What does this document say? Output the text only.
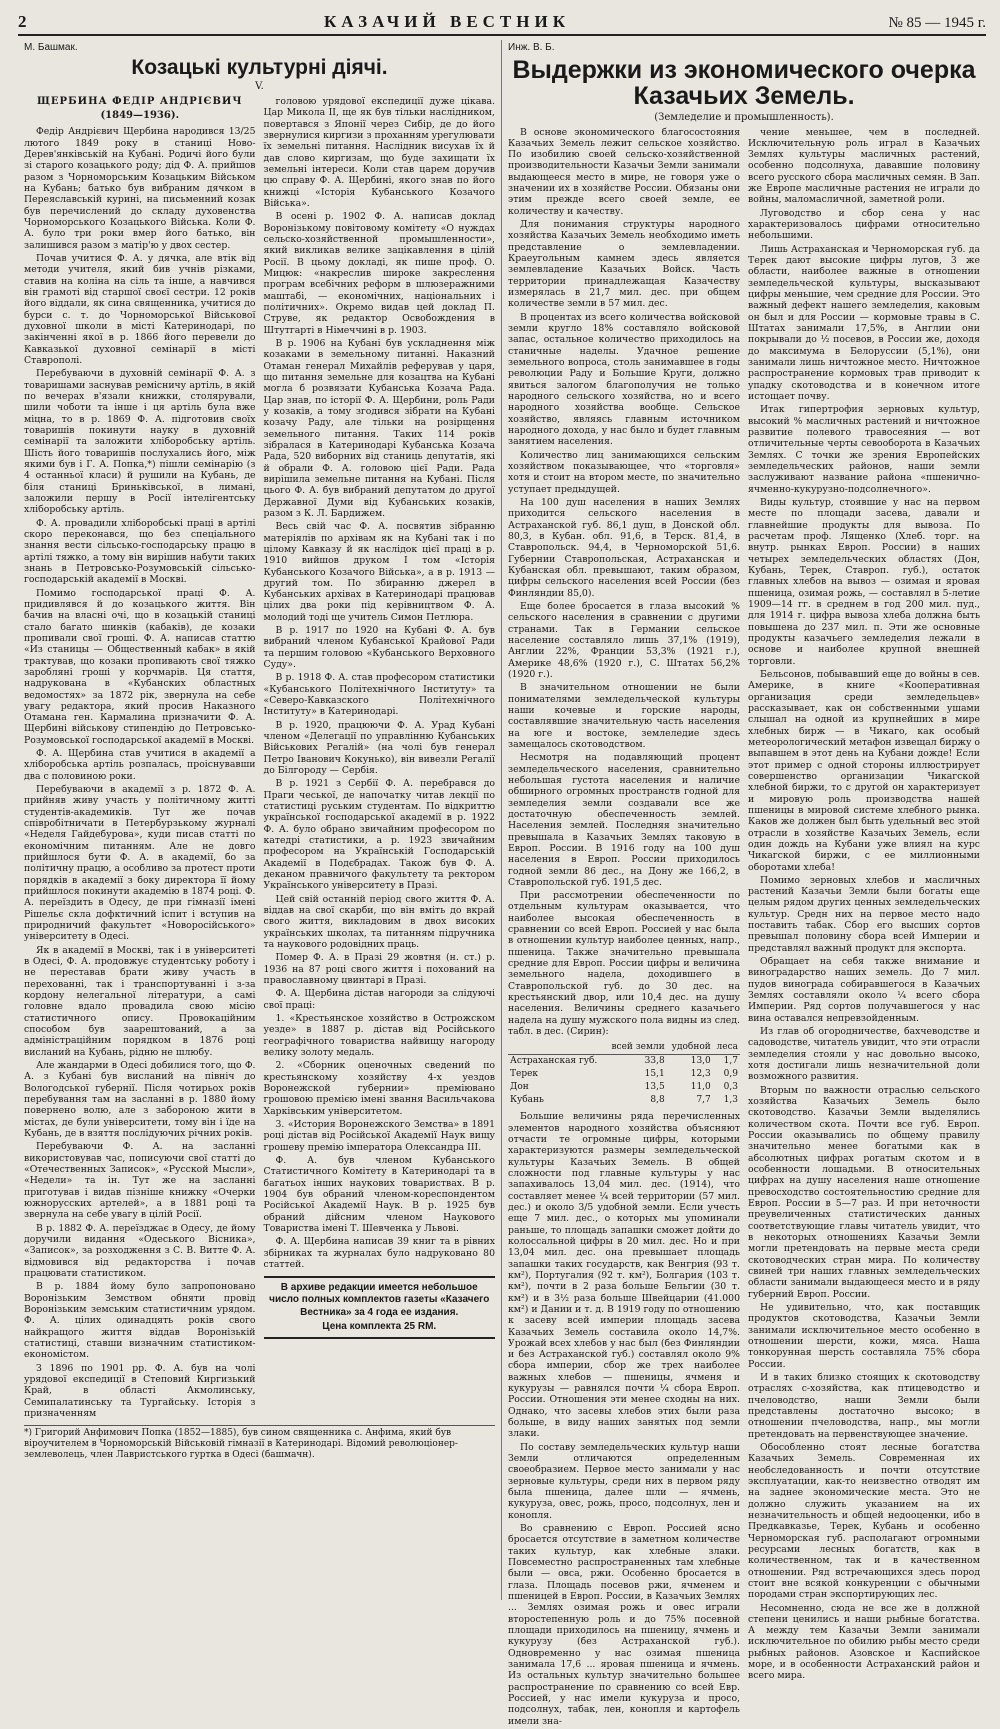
2	КАЗАЧИЙ ВЕСТНИК	№ 85 — 1945 г.
М. Башмак.
Козацькі культурні діячі.
V.

ЩЕРБИНА ФЕДІР АНДРІЄВИЧ

(1849—1936).

Федір Андрієвич Щербина народився 13/25 лютого 1849 року в станиці Ново-Дерев'янківській на Кубані. Родичі його були зі старого козацького роду; дід Ф. А. прийшов разом з Чорноморським Козацьким Військом на Кубань; батько був вибраним дячком в Переяславській курині, на письменний козак був перечислений до складу духовенства Чорноморського Козацького Війська. Коли Ф. А. було три роки вмер його батько, він залишився разом з матір'ю у двох сестер.

Почав учитися Ф. А. у дячка, але втік від методи учителя, який бив учнів різками, ставив на коліна на сіль та інше, а навчився він грамоті від старшої своєї сестри. 12 років його віддали, як сина священника, учитися до бурси с. т. до Чорноморської Військової духовної школи в місті Катеринодарі, по закінченні якої в р. 1866 його перевели до Кавказької духовної семінарії в місті Ставрополі.

Перебуваючи в духовній семінарії Ф. А. з товаришами заснував ремісничу артіль, в якій по вечерах в'язали книжки, столярували, шили чоботи та інше і ця артіль була вже міцна, то в р. 1869 Ф. А. підготовив своїх товаришів покинути науку в духовній семінарії та заложити хліборобську артіль. Шість його товаришів послухались його, між якими був і Г. А. Попка,*) пішли семінарію (з 4 останньої класи) й рушили на Кубань, де біля станиці Бриньківської, в лимані, заложили першу в Росії інтелігентську хліборобську артіль.

Ф. А. провадили хліборобські праці в артілі скоро переконався, що без спеціального знання вести сільсько-господарську працю в артілі тяжко, а тому він вирішив набути таких знань в Петровсько-Розумовській сільсько-господарській академії в Москві.

Помимо господарської праці Ф. А. придивлявся й до козацького життя. Він бачив на власні очі, що в козацькій станиці стало багато шинків (кабаків), де козаки пропивали свої гроші. Ф. А. написав статтю «Из станицы — Общественный кабак» в якій трактував, що козаки пропивають свої тяжко заробляні гроші у корчмарів. Ця стаття, надрукована в «Кубанских областных ведомостях» за 1872 рік, звернула на себе увагу редактора, який просив Наказного Отамана ген. Кармалина призначити Ф. А. Щербині військову стипендію до Петровсько-Розумовської господарської академії в Москві.

Ф. А. Щербина став учитися в академії а хліборобська артіль розпалась, проіснувавши два с половиною роки.

Перебуваючи в академії з р. 1872 Ф. А. прийняв живу участь у політичному житті студентів-академиків. Тут же почав співробітничати в Петербурзькому журналі «Неделя Гайдебурова», куди писав статті по економічним питанням. Але не довго прийшлося бути Ф. А. в академії, бо за політичну працю, а особливо за протест проти порядків в академії з боку директора її йому прийшлося покинути академію в 1874 році. Ф. А. переїздить в Одесу, де при гімназії імені Рішельє скла дофктичний іспит і вступив на природничий факультет «Новоросійського» університету в Одесі.

Як в академії в Москві, так і в університеті в Одесі, Ф. А. продовжує студентську роботу і не переставав брати живу участь в перехованні, так і транспортуванні і з-за кордону нелегальної літератури, а самі головне вдало провадила свою місію статистичного опису. Провокаційним способом був заарештований, а за адміністраційним порядком в 1876 році висланий на Кубань, рідню не шлюбу.

Але жандарми в Одесі добилися того, що Ф. А. з Кубані був висланий на північ до Вологодської губернії. Після чотирьох років перебування там на засланні в р. 1880 йому повернено волю, але з забороною жити в містах, де були університети, тому він і їде на Кубань, де в взяття послідуючих річних років.

Перебуваючи Ф. А. на засланні використовував час, пописуючи свої статті до «Отечественных Записок», «Русской Мысли», «Недели» та ін. Тут же на засланні приготував і видав пізніше книжку «Очерки южнорусских артелей», а в 1881 році та звернула на себе увагу в цілій Росії.

В р. 1882 Ф. А. переїзджає в Одесу, де йому доручили видання «Одеського Вісника», «Записок», за розходження з С. В. Витте Ф. А. відмовився від редакторства і почав працювати статистиком.

В р. 1884 йому було запропоновано Воронізьким Земством обняти провід Воронізьким земським статистичним урядом. Ф. А. цілих одинадцять років свого найкращого життя віддав Воронізькій статистиці, ставши визначним статистиком-економістом.

З 1896 по 1901 рр. Ф. А. був на чолі урядової експедиції в Степовий Киргизький Край, в області Акмолинську, Семипалатинську та Тургайську. Історія з призначенням

головою урядової експедиції дуже цікава. Цар Микола II, ще як був тільки наслідником, повертався з Японії через Сибір, де до його звернулися киргизи з проханням урегулювати їх земельні питання. Наслідник висухав їх й дав слово киргизам, що буде захищати їх земельні інтереси. Коли став царем доручив цю справу Ф. А. Щербині, якого знав по його книжці «Історія Кубанського Козачого Війська».

В осені р. 1902 Ф. А. написав доклад Воронізькому повітовому комітету «О нуждах сельско-хозяйственной промышленности», який викликав велике зацікавлення в цілій Росії. В цьому докладі, як пише проф. О. Мицюк: «накреслив широке закреслення програм всебічних реформ в шлюзеражними маштабі, — економічних, національних і політичних». Окремо видав цей доклад П. Струве, як редактор Освобождения в Штутгарті в Німеччині в р. 1903.

В р. 1906 на Кубані був ускладнення між козаками в земельному питанні. Наказний Отаман генерал Михайлів реферував у царя, що питання земельне для козацтва на Кубані могла б розвязати Кубанська Козача Рада. Цар знав, по історії Ф. А. Щербини, роль Ради у козаків, а тому згодився зібрати на Кубані козачу Раду, але тільки на розірщення земельного питання. Таких 114 років зібралася в Катеринодарі Кубанська Козача Рада, 520 виборних від станиць депутатів, які й обрали Ф. А. головою цієї Ради. Рада вирішила земельне питання на Кубані. Після цього Ф. А. був вибраний депутатом до другої Державної Думи від Кубанських козаків, разом з К. Л. Бардижем.

Весь свій час Ф. А. посвятив зібранню матеріялів по архівам як на Кубані так і по цілому Кавказу й як наслідок цієї праці в р. 1910 вийшов друком І том «Історія Кубанського Козачого Війська», а в р. 1913 — другий том. По збиранню джерел в Кубанських архівах в Катеринодарі працював цілих два роки під керівництвом Ф. А. молодий тоді ще учитель Симон Петлюра.

В р. 1917 по 1920 на Кубані Ф. А. був вибраний членом Кубанської Крайової Ради та першим головою «Кубанського Верховного Суду».

В р. 1918 Ф. А. став професором статистики «Кубанського Політехнічного Інституту» та «Северо-Кавказского Політехнічного Інституту» в Катеринодарі.

В р. 1920, працюючи Ф. А. Урад Кубані членом «Делегації по управлінню Кубанських Військових Регалій» (на чолі був генерал Петро Іванович Кокунько), він вивезли Регалії до Білгороду — Сербія.

В р. 1921 з Сербії Ф. А. перебрався до Праги чеської, де напочатку читав лекції по статистиці руським студентам. По відкриттю української господарської академії в р. 1922 Ф. А. було обрано звичайним професором по катедрі статистики, а р. 1923 звичайним професором на Українській Господарській Академії в Подєбрадах. Також був Ф. А. деканом правничого факультету та ректором Українського університету в Празі.

Цей свій останній період свого життя Ф. А. віддав на свої скарби, що він вміть до вкрай свого життя, викладовим в двох високих українських школах, та питанням підручника та наукового родовідних праць.

Помер Ф. А. в Празі 29 жовтня (н. ст.) р. 1936 на 87 році свого життя і похований на православному цвинтарі в Празі.

Ф. А. Щербина дістав нагороди за слідуючі свої праці:

1. «Крестьянское хозяйство в Острожском уезде» в 1887 р. дістав від Російського географічного товариства найвищу нагороду велику золоту медаль.

2. «Сборник оценочных сведений по крестьянскому хозяйству 4-х уездов Воронежской губернии» преміювано грошовою премією імені звання Васильчакова Харківським університетом.

3. «История Воронежского Земства» в 1891 році дістав від Російської Академії Наук вищу грошеву премію імператора Олександра III.

Ф. А. був членом Кубанського Статистичного Комітету в Катеринодарі та в багатьох інших наукових товариствах. В р. 1904 був обраний членом-кореспондентом Російської Академії Наук. В р. 1925 був обраний дійсним членом Наукового Товариства імені Т. Шевченка у Львові.

Ф. А. Щербина написав 39 книг та в рівних збірниках та журналах було надруковано 80 статтей.

В архиве редакции имеется небольшое число полных комплектов газеты «Казачего Вестника» за 4 года ее издания.
Цена комплекта 25 RM.
*) Григорий Анфимович Попка (1852—1885), був сином священника с. Анфима, який був віроучителем в Чорноморській Військовій гімназії в Катеринодарі. Відомий революціонер-землеволець, член Лавристського гуртка в Одесі (башмачн).
Инж. В. Б.
Выдержки из экономического очерка Казачьих Земель.
(Земледелие и промышленность).

В основе экономического благосостояния Казачьих Земель лежит сельское хозяйство. По изобилию своей сельско-хозяйственной производительности Казачьи Земли занимали выдающееся место в мире, не говоря уже о значении их в хозяйстве России. Обязаны они этим прежде всего своей земле, ее количеству и качеству.

Для понимания структуры народного хозяйства Казачьих Земель необходимо иметь представление о землевладении. Краеугольным камнем здесь является землевладение Казачьих Войск. Часть территории принадлежащая Казачеству измерялась в 21,7 мил. дес. при общем количестве земли в 57 мил. дес.

В процентах из всего количества войсковой земли кругло 18% составляло войсковой запас, остальное количество приходилось на станичные наделы. Удачное решение земельного вопроса, столь занимавшее в годы революции Раду и Большие Круги, должно явиться залогом благополучия не только народного сельского хозяйства, но и всего народного хозяйства вообще. Сельское хозяйство, являясь главным источником народного дохода, у нас было и будет главным занятием населения.

Количество лиц занимающихся сельским хозяйством показывающее, что «торговля» хотя и стоит на втором месте, по значительно уступает предыдущей.

На 100 душ населения в наших Землях приходится сельского населения в Астраханской губ. 86,1 душ, в Донской обл. 80,3, в Кубан. обл. 91,6, в Терск. 81,4, в Ставропольск. 94,4, в Черноморской 51,6. Губернии Ставропольская, Астраханская и Кубанская обл. превышают, таким образом, цифры сельского населения всей России (без Финляндии 85,0).

Еще более бросается в глаза высокий % сельского населения в сравнении с другими странами. Так в Германии сельское население составляло лишь 37,1% (1919), Англии 22%, Франции 53,3% (1921 г.), Америке 48,6% (1920 г.), С. Штатах 56,2% (1920 г.).

В значительном отношении не были понимателями земледельческой культуры наши кочевые и горские народы, составлявшие значительную часть населения на юге и востоке, землеледие здесь замещалось скотоводством.

Несмотря на подавляющий процент земледельческого населения, сравнительно небольшая густота населения и наличие обширного огромных пространств годной для земледелия земли создавали все же достаточную обеспеченность землей. Населения землей. Последняя значительно превышала в Казачьих Землях таковую в Европ. России. В 1916 году на 100 душ населения в Европ. России приходилось годной земли 86 дес., на Дону же 166,2, в Ставропольской губ. 191,5 дес.

При рассмотрении обеспеченности по отдельным культурам оказывается, что наиболее высокая обеспеченность в сравнении со всей Европ. Россией у нас была в отношении культур наиболее ценных, напр., пшеница. Также значительно превышала средние для Европ. России цифры и величина земельного надела, доходившего в Ставропольской губ. до 30 дес. на крестьянский двор, или 10,4 дес. на душу населения. Величины среднего казачьего надела на душу мужского пола видны из след. табл. в дес. (Сирин):

	всей земли	удобной	леса
Астраханская губ.	33,8	13,0	1,7
Терек	15,1	12,3	0,9
Дон	13,5	11,0	0,3
Кубань	8,8	7,7	1,3

Большие величины ряда перечисленных элементов народного хозяйства объясняют отчасти те огромные цифры, которыми характеризуются размеры земледельческой культуры Казачьих Земель. В общей сложности под главные культуры у нас запахивалось 13,04 мил. дес. (1914), что составляет менее ¼ всей территории (57 мил. дес.) и около 3/5 удобной земли. Если учесть еще 7 мил. дес., о которых мы упоминали раньше, то площадь запашки сможет дойти до колоссальной цифры в 20 мил. дес. Но и при 13,04 мил. дес. она превышает площадь запашки таких государств, как Венгрия (93 т. км²), Португалия (92 т. км²), Болгария (103 т. км²), почти в 2 раза больше Бельгии (30 т. км²) и в 3½ раза больше Швейцарии (41.000 км²) и Дании и т. д. В 1919 году по отношению к засеву всей империи площадь засева Казачьих Земель составила около 14,7%. Урожай всех хлебов у нас был (без Финляндии и без Астраханской губ.) составлял около 9% сбора империи, сбор же трех наиболее важных хлебов — пшеницы, ячменя и кукурузы — равнялся почти ¼ сбора Европ. России. Отношения эти менее сходны на них. Однако, что засевы хлебов этих были раза больше, в виду наших занятых под земли злаки.

По составу земледельческих культур наши Земли отличаются определенным своеобразием. Первое место занимали у нас зерновые культуры, среди них в первом ряду была пшеница, далее шли — ячмень, кукуруза, овес, рожь, просо, подсолнух, лен и конопля.

Во сравнению с Европ. Россией ясно бросается отсутствие в заметном количестве таких культур, как хлебные злаки. Повсеместно распространенных там хлебные были — овса, ржи. Особенно бросается в глаза. Площадь посевов ржи, ячменем и пшеницей в Европ. России, в Казачьих Землях ... Землях озимая рожь и овес играли второстепенную роль и до 75% посевной площади приходилось на пшеницу, ячмень и кукурузу (без Астраханской губ.). Одновременно у нас озимая пшеница занимала 17,6 ... яровая пшеница и ячмень. Из остальных культур значительно большее распространение по сравнению со всей Евр. Россией, у нас имели кукуруза и просо, подсолнух, табак, лен, конопля и картофель имели зна-

чение меньшее, чем в последней. Исключительную роль играл в Казачьих Землях культуры масличных растений, особенно подсолнуха, дававшие половину всего русского сбора масличных семян. В Зап. же Европе масличные растения не играли до войны, маломасличной, заметной роли.

Луговодство и сбор сена у нас характеризовалось цифрами относительно небольшими.

Лишь Астраханская и Черноморская губ. да Терек дают высокие цифры лугов, 3 же области, наиболее важные в отношении земледельческой культуры, высказывают цифры меньшие, чем средние для России. Это важный дефект нашего земледелия, каковым он был и для России — кормовые травы в С. Штатах занимали 17,5%, в Англии они покрывали до ½ посевов, в России же, доходя до максимума в Белоруссии (5,1%), они занимали лишь ничтожное место. Ничтожное распространение кормовых трав приводит к упадку скотоводства и в конечном итоге истощает почву.

Итак гипертрофия зерновых культур, высокий % масличных растений и ничтожное развитие полевого травосеяния — вот отличительные черты севооборота в Казачьих Землях. С точки же зрения Европейских земледельческих районов, наши земли заслуживают название района «пшенично-ячменно-кукурузно-подсолнечного».

Виды культур, стоявшие у нас на первом месте по площади засева, давали и главнейшие продукты для вывоза. По расчетам проф. Лященко (Хлеб. торг. на внутр. рынках Европ. России) в наших четырех земледельческих областях (Дон, Кубань, Терек, Ставроп. губ.), остаток главных хлебов на вывоз — озимая и яровая пшеница, озимая рожь, — составлял в 5-летие 1909—14 гг. в среднем в год 200 мил. пуд., для 1914 г. цифра вывоза хлеба должна быть повышена до 237 мил. п. Эти же основные продукты казачьего земледелия лежали в основе и наиболее крупной внешней торговли.

Бельсонов, побывавший еще до войны в сев. Америке, в книге «Кооперативная организация среди земледельцев» рассказывает, как он собственными ушами слышал на одной из крупнейших в мире хлебных бирж — в Чикаго, как особый метеорологический метафон извещал биржу о выпавшем в этот день на Кубани дожде! Если этот пример с одной стороны иллюстрирует совершенство организации Чикагской хлебной биржи, то с другой он характеризует и мировую роль производства нашей пшеницы в мировой системе хлебного рынка. Каков же должен был быть удельный вес этой отрасли в хозяйстве Казачьих Земель, если один дождь на Кубани уже влиял на курс Чикагской биржи, с ее миллионными оборотами хлеба!

Помимо зерновых хлебов и масличных растений Казачьи Земли были богаты еще целым рядом других ценных земледельческих культур. Средн них на первое место надо поставить табак. Сбор его высших сортов превышал половину сбора всей Империи и представлял важный продукт для экспорта.

Обращает на себя также внимание и виноградарство наших земель. До 7 мил. пудов винограда собиравшегося в Казачьих Землях составляли около ¼ всего сбора Империи. Ряд сортов получавшегося у нас вина оставался непревзойденным.

Из глав об огородничестве, бахчеводстве и садоводстве, читатель увидит, что эти отрасли земледелия стояли у нас довольно высоко, хотя достигали лишь незначительной доли возможного развития.

Вторым по важности отраслью сельского хозяйства Казачьих Земель было скотоводство. Казачьи Земли выделялись количеством скота. Почти все губ. Европ. России оказывались по общему правилу значительно менее богатыми как в абсолютных цифрах рогатым скотом и в особенности лошадьми. В относительных цифрах на душу населения наше отношение превосходство состоятельностию средние для Европ. России в 5—7 раз. И при неточности преувеличенных статистических данных соответствующие главы читатель увидит, что в некоторых отношениях Казачьи Земли могли претендовать на первые места среди скотоводческих стран мира. По количеству свиней три наших главных земледельческих области занимали выдающееся место и в ряду губерний Европ. России.

Не удивительно, что, как поставщик продуктов скотоводства, Казачьи Земли занимали исключительное место особенно в отношении шерсти, кожи, мяса. Наша тонкорунная шерсть составляла 75% сбора России.

И в таких близко стоящих к скотоводству отраслях с-хозяйства, как птицеводство и пчеловодство, наши Земли были представлены достаточно высоко; в отношении пчеловодства, напр., мы могли претендовать на первенствующее значение.

Обособленно стоят лесные богатства Казачьих Земель. Современная их необследованность и почти отсутствие эксплуатации, как-то неизвестно отводят им на заднее экономические места. Это не должно служить указанием на их незначительность и общей недооценки, ибо в Предкавказье, Терек, Кубань и особенно Черноморская губ. располагают огромными ресурсами лесных богатств, как в количественном, так и в качественном отношении. Ряд встречающихся здесь пород стоит вне всякой конкуренции с обычными породами стран экспортирующих лес.

Несомненно, сюда не все же в должной степени ценились и наши рыбные богатства. А между тем Казачьи Земли занимали исключительное по обилию рыбы место среди рыбных районов. Азовское и Каспийское море, и в особенности Астраханский район и всего мира.
